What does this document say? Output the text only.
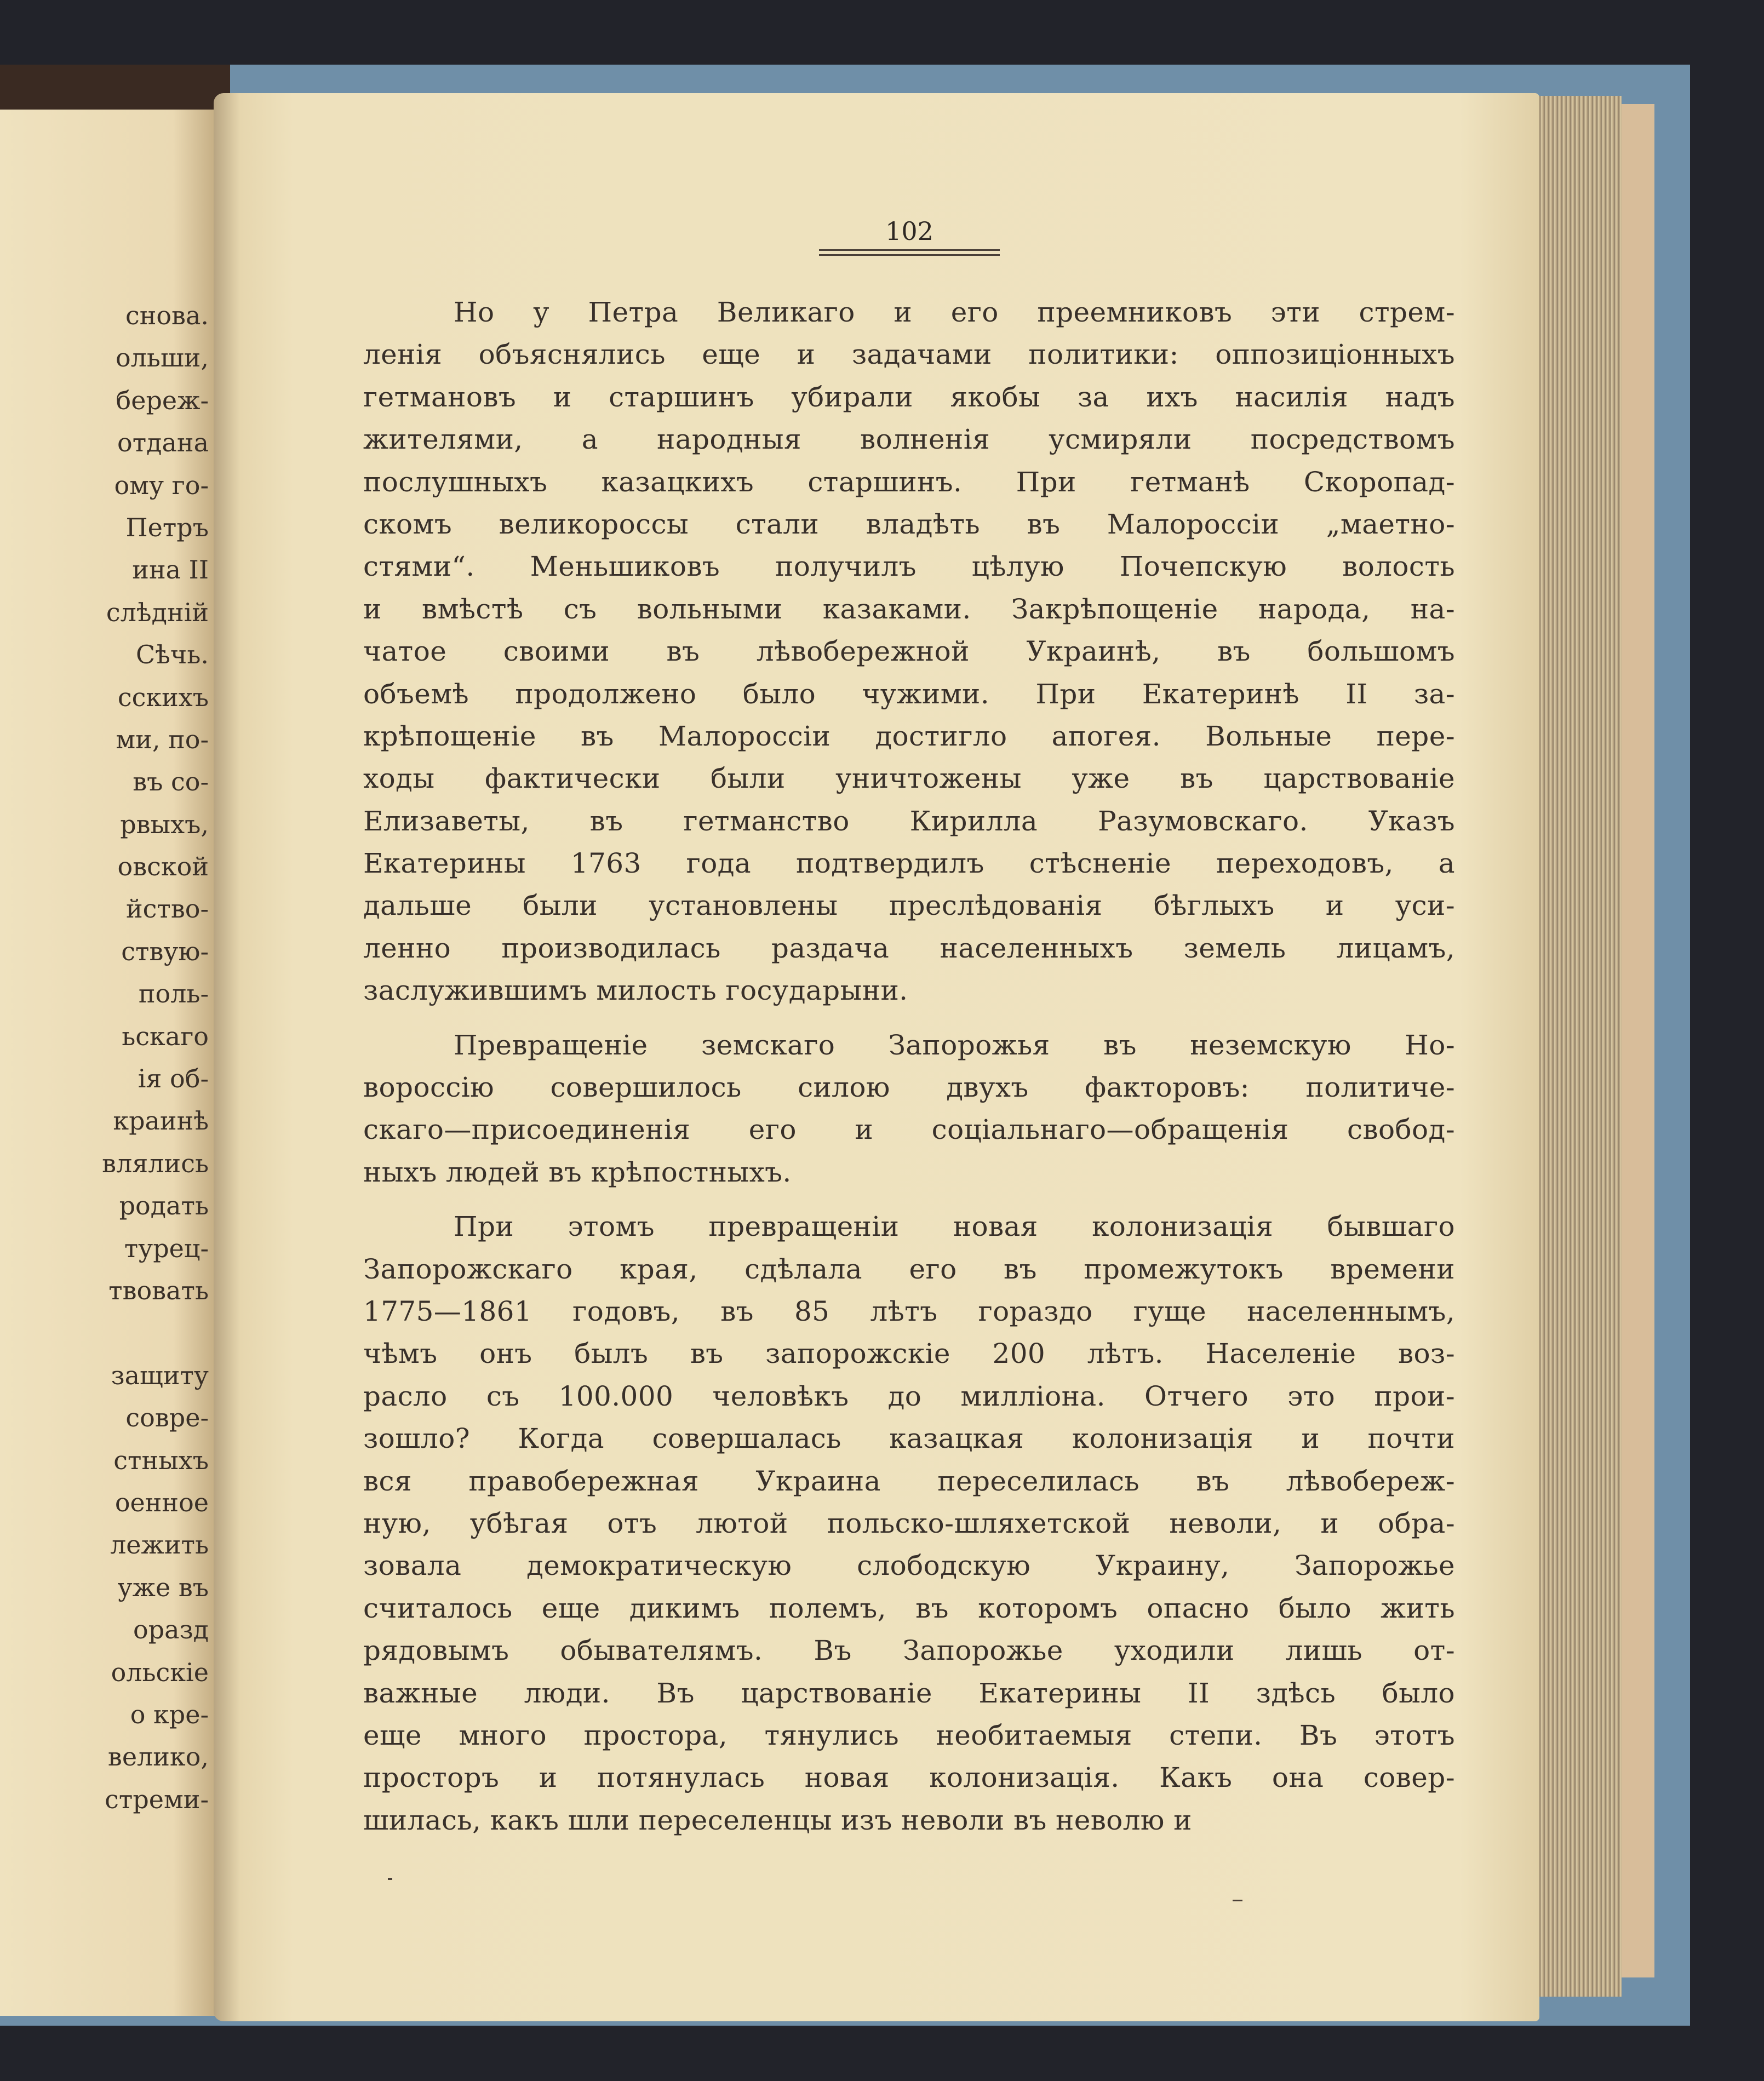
снова.
ольши,
береж-
отдана
ому го-
Петръ
ина II
слѣдній
Сѣчь.
сскихъ
ми, по-
въ со-
рвыхъ,
овской
йство-
ствую-
поль-
ьскаго
ія об-
краинѣ
влялись
родать
турец-
твовать
защиту
совре-
стныхъ
оенное
лежить
уже въ
оразд
ольскіе
о кре-
велико,
стреми-
102
Но у Петра Великаго и его преемниковъ эти стрем-
ленія объяснялись еще и задачами политики: оппозиціонныхъ
гетмановъ и старшинъ убирали якобы за ихъ насилія надъ
жителями, а народныя волненія усмиряли посредствомъ
послушныхъ казацкихъ старшинъ. При гетманѣ Скоропад-
скомъ великороссы стали владѣть въ Малороссіи „маетно-
стями“. Меньшиковъ получилъ цѣлую Почепскую волость
и вмѣстѣ съ вольными казаками. Закрѣпощеніе народа, на-
чатое своими въ лѣвобережной Украинѣ, въ большомъ
объемѣ продолжено было чужими. При Екатеринѣ II за-
крѣпощеніе въ Малороссіи достигло апогея. Вольные пере-
ходы фактически были уничтожены уже въ царствованіе
Елизаветы, въ гетманство Кирилла Разумовскаго. Указъ
Екатерины 1763 года подтвердилъ стѣсненіе переходовъ, а
дальше были установлены преслѣдованія бѣглыхъ и уси-
ленно производилась раздача населенныхъ земель лицамъ,
заслужившимъ милость государыни.
Превращеніе земскаго Запорожья въ неземскую Но-
вороссію совершилось силою двухъ факторовъ: политиче-
скаго—присоединенія его и соціальнаго—обращенія свобод-
ныхъ людей въ крѣпостныхъ.
При этомъ превращеніи новая колонизація бывшаго
Запорожскаго края, сдѣлала его въ промежутокъ времени
1775—1861 годовъ, въ 85 лѣтъ гораздо гуще населеннымъ,
чѣмъ онъ былъ въ запорожскіе 200 лѣтъ. Населеніе воз-
расло съ 100.000 человѣкъ до милліона. Отчего это прои-
зошло? Когда совершалась казацкая колонизація и почти
вся правобережная Украина переселилась въ лѣвобереж-
ную, убѣгая отъ лютой польско-шляхетской неволи, и обра-
зовала демократическую слободскую Украину, Запорожье
считалось еще дикимъ полемъ, въ которомъ опасно было жить
рядовымъ обывателямъ. Въ Запорожье уходили лишь от-
важные люди. Въ царствованіе Екатерины II здѣсь было
еще много простора, тянулись необитаемыя степи. Въ этотъ
просторъ и потянулась новая колонизація. Какъ она совер-
шилась, какъ шли переселенцы изъ неволи въ неволю и
